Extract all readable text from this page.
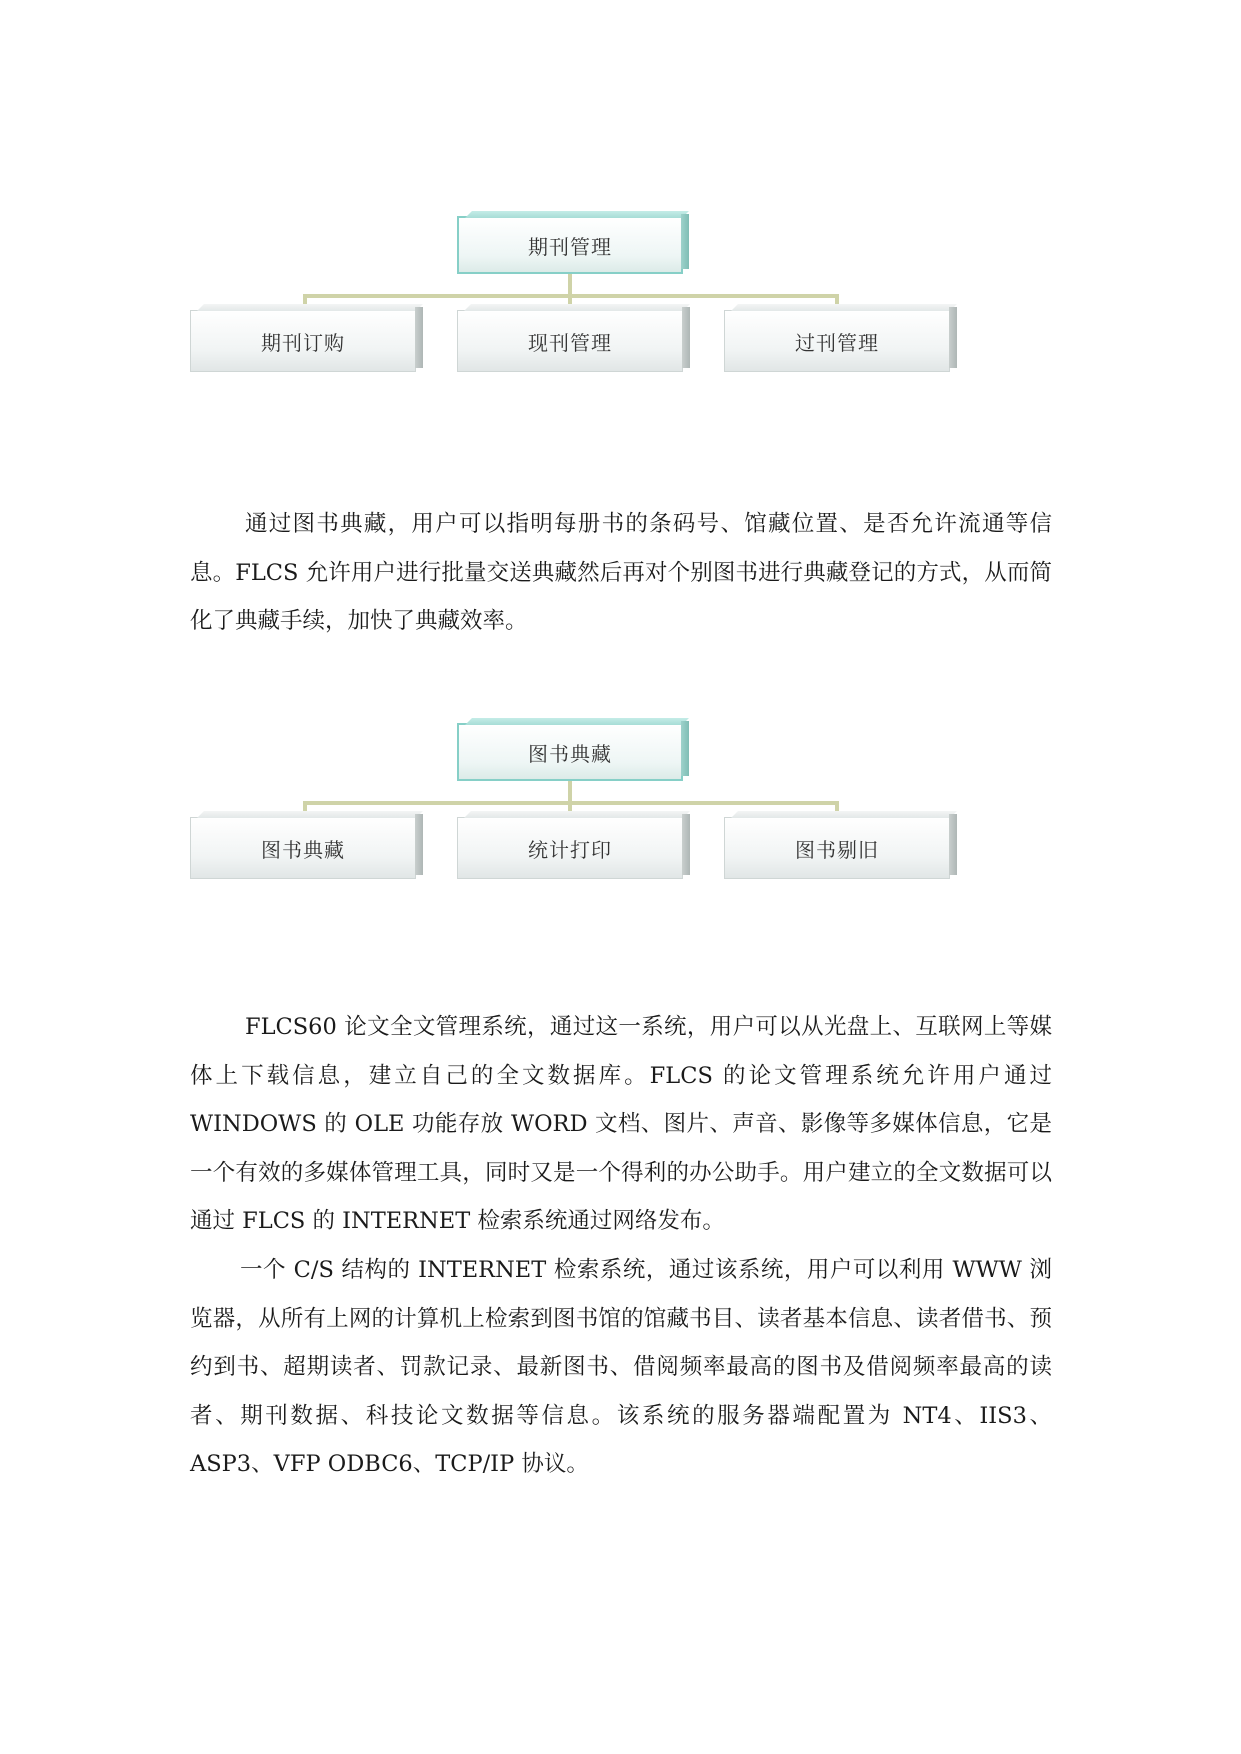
期刊管理
期刊订购	现刊管理	过刊管理

通过图书典藏，用户可以指明每册书的条码号、馆藏位置、是否允许流通等信息。FLCS 允许用户进行批量交送典藏然后再对个别图书进行典藏登记的方式，从而简化了典藏手续，加快了典藏效率。

图书典藏
图书典藏	统计打印	图书剔旧

FLCS60 论文全文管理系统，通过这一系统，用户可以从光盘上、互联网上等媒体上下载信息，建立自己的全文数据库。FLCS 的论文管理系统允许用户通过 WINDOWS 的 OLE 功能存放 WORD 文档、图片、声音、影像等多媒体信息，它是一个有效的多媒体管理工具，同时又是一个得利的办公助手。用户建立的全文数据可以通过 FLCS 的 INTERNET 检索系统通过网络发布。

一个 C/S 结构的 INTERNET 检索系统，通过该系统，用户可以利用 WWW 浏览器，从所有上网的计算机上检索到图书馆的馆藏书目、读者基本信息、读者借书、预约到书、超期读者、罚款记录、最新图书、借阅频率最高的图书及借阅频率最高的读者、期刊数据、科技论文数据等信息。该系统的服务器端配置为 NT4、IIS3、ASP3、VFP ODBC6、TCP/IP 协议。
